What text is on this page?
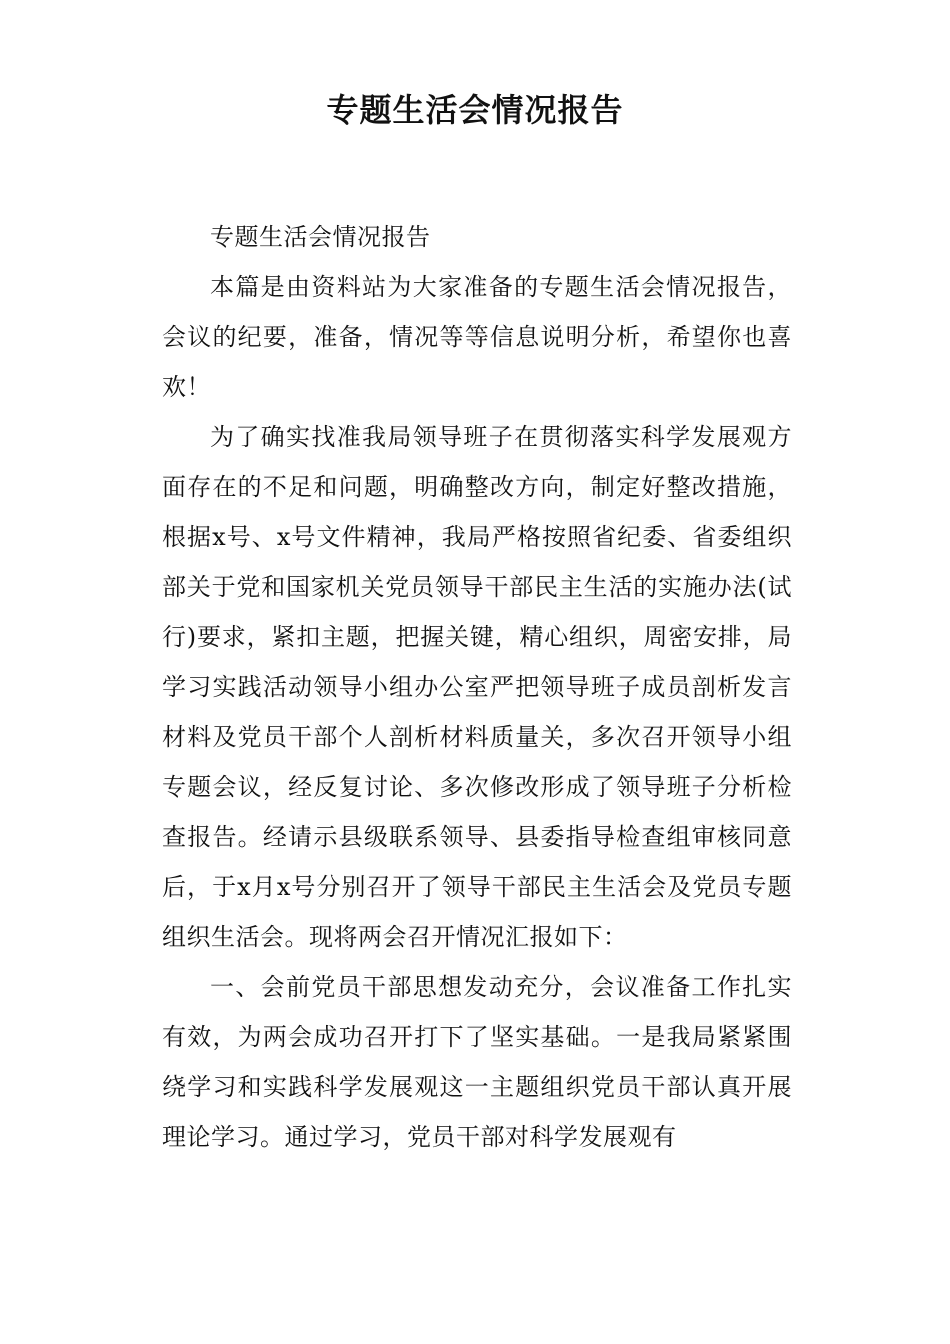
专题生活会情况报告

专题生活会情况报告

本篇是由资料站为大家准备的专题生活会情况报告，会议的纪要，准备，情况等等信息说明分析，希望你也喜欢！

为了确实找准我局领导班子在贯彻落实科学发展观方面存在的不足和问题，明确整改方向，制定好整改措施，根据x号、x号文件精神，我局严格按照省纪委、省委组织部关于党和国家机关党员领导干部民主生活的实施办法(试行)要求，紧扣主题，把握关键，精心组织，周密安排，局学习实践活动领导小组办公室严把领导班子成员剖析发言材料及党员干部个人剖析材料质量关，多次召开领导小组专题会议，经反复讨论、多次修改形成了领导班子分析检查报告。经请示县级联系领导、县委指导检查组审核同意后，于x月x号分别召开了领导干部民主生活会及党员专题组织生活会。现将两会召开情况汇报如下：

一、会前党员干部思想发动充分，会议准备工作扎实有效，为两会成功召开打下了坚实基础。一是我局紧紧围绕学习和实践科学发展观这一主题组织党员干部认真开展理论学习。通过学习，党员干部对科学发展观有
